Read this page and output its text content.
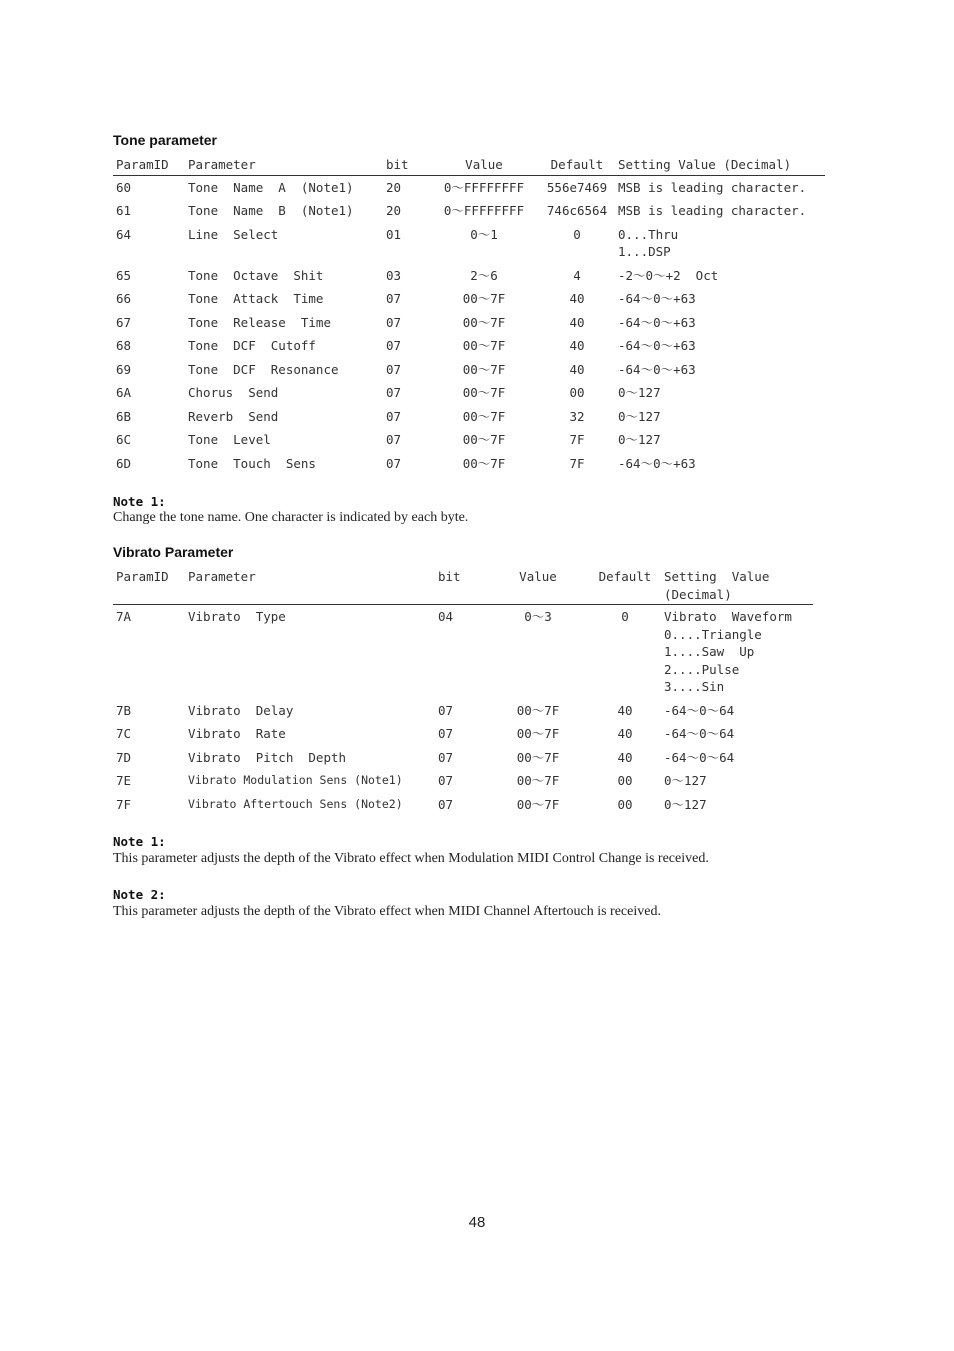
Tone parameter
ParamID	Parameter	bit	Value	Default	Setting Value (Decimal)
60	Tone  Name  A  (Note1)	20	0～FFFFFFFF	556e7469	MSB is leading character.
61	Tone  Name  B  (Note1)	20	0～FFFFFFFF	746c6564	MSB is leading character.
64	Line  Select	01	0～1	0	0...Thru
1...DSP
65	Tone  Octave  Shit	03	2～6	4	-2～0～+2  Oct
66	Tone  Attack  Time	07	00～7F	40	-64～0～+63
67	Tone  Release  Time	07	00～7F	40	-64～0～+63
68	Tone  DCF  Cutoff	07	00～7F	40	-64～0～+63
69	Tone  DCF  Resonance	07	00～7F	40	-64～0～+63
6A	Chorus  Send	07	00～7F	00	0～127
6B	Reverb  Send	07	00～7F	32	0～127
6C	Tone  Level	07	00～7F	7F	0～127
6D	Tone  Touch  Sens	07	00～7F	7F	-64～0～+63
Note 1:
Change the tone name. One character is indicated by each byte.
Vibrato Parameter
ParamID	Parameter	bit	Value	Default	Setting  Value
(Decimal)
7A	Vibrato  Type	04	0～3	0	Vibrato  Waveform
0....Triangle
1....Saw  Up
2....Pulse
3....Sin
7B	Vibrato  Delay	07	00～7F	40	-64～0～64
7C	Vibrato  Rate	07	00～7F	40	-64～0～64
7D	Vibrato  Pitch  Depth	07	00～7F	40	-64～0～64
7E	Vibrato Modulation Sens (Note1)	07	00～7F	00	0～127
7F	Vibrato Aftertouch Sens (Note2)	07	00～7F	00	0～127
Note 1:
This parameter adjusts the depth of the Vibrato effect when Modulation MIDI Control Change is received.
Note 2:
This parameter adjusts the depth of the Vibrato effect when MIDI Channel Aftertouch is received.
48
